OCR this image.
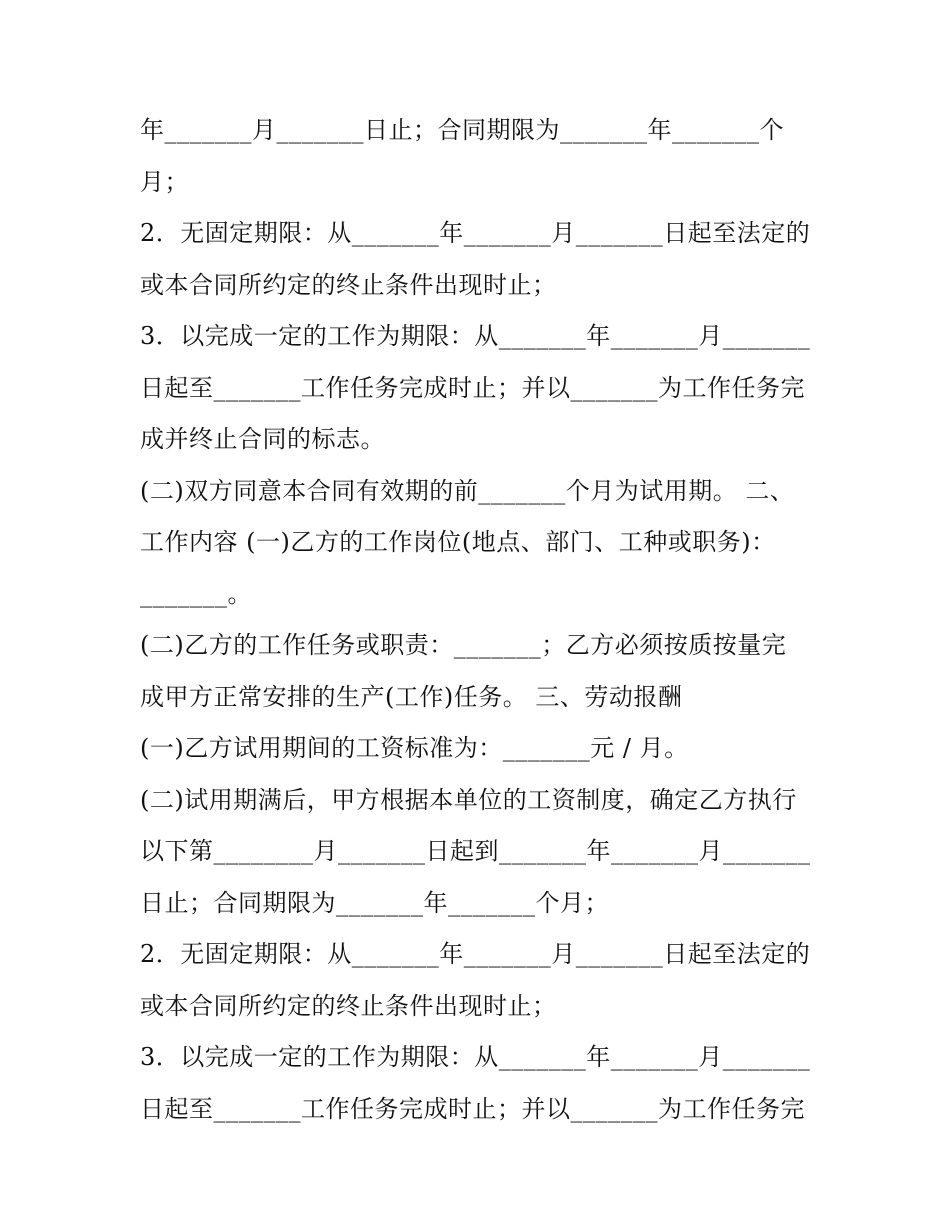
年_______月_______日止；合同期限为_______年_______个
月；
2．无固定期限：从_______年_______月_______日起至法定的
或本合同所约定的终止条件出现时止；
3．以完成一定的工作为期限：从_______年_______月_______
日起至_______工作任务完成时止；并以_______为工作任务完
成并终止合同的标志。
(二)双方同意本合同有效期的前_______个月为试用期。 二、
工作内容 (一)乙方的工作岗位(地点、部门、工种或职务)：
_______。
(二)乙方的工作任务或职责：_______；乙方必须按质按量完
成甲方正常安排的生产(工作)任务。 三、劳动报酬
(一)乙方试用期间的工资标准为：_______元 / 月。
(二)试用期满后，甲方根据本单位的工资制度，确定乙方执行
以下第________月_______日起到_______年_______月_______
日止；合同期限为_______年_______个月；
2．无固定期限：从_______年_______月_______日起至法定的
或本合同所约定的终止条件出现时止；
3．以完成一定的工作为期限：从_______年_______月_______
日起至_______工作任务完成时止；并以_______为工作任务完
